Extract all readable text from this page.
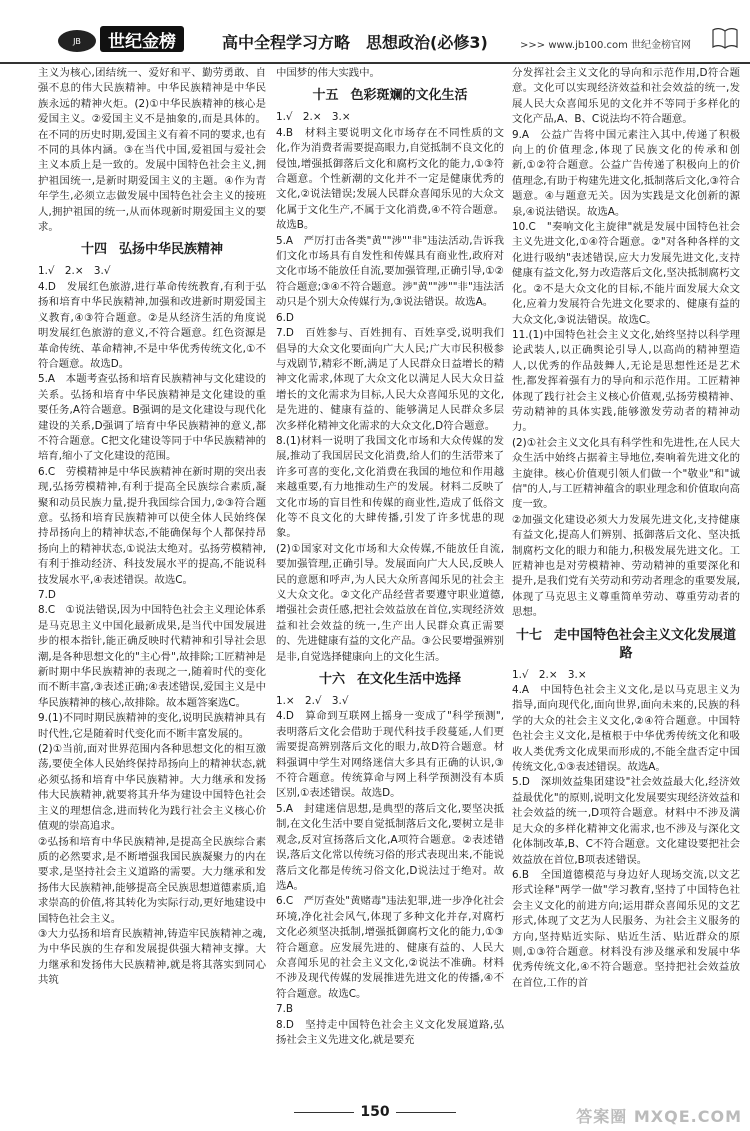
JB	世纪金榜	高中全程学习方略　思想政治(必修3)	>>> www.jb100.com 世纪金榜官网

主义为核心,团结统一、爱好和平、勤劳勇敢、自强不息的伟大民族精神。中华民族精神是中华民族永远的精神火炬。(2)①中华民族精神的核心是爱国主义。②爱国主义不是抽象的,而是具体的。在不同的历史时期,爱国主义有着不同的要求,也有不同的具体内涵。③在当代中国,爱祖国与爱社会主义本质上是一致的。发展中国特色社会主义,拥护祖国统一,是新时期爱国主义的主题。④作为青年学生,必须立志做发展中国特色社会主义的接班人,拥护祖国的统一,从而体现新时期爱国主义的要求。

十四 弘扬中华民族精神

1.√　2.×　3.√
4.D　发展红色旅游,进行革命传统教育,有利于弘扬和培育中华民族精神,加强和改进新时期爱国主义教育,④③符合题意。②是从经济生活的角度说明发展红色旅游的意义,不符合题意。红色资源是革命传统、革命精神,不是中华优秀传统文化,①不符合题意。故选D。
5.A　本题考查弘扬和培育民族精神与文化建设的关系。弘扬和培育中华民族精神是文化建设的重要任务,A符合题意。B强调的是文化建设与现代化建设的关系,D强调了培育中华民族精神的意义,都不符合题意。C把文化建设等同于中华民族精神的培育,缩小了文化建设的范围。
6.C　劳模精神是中华民族精神在新时期的突出表现,弘扬劳模精神,有利于提高全民族综合素质,凝聚和动员民族力量,提升我国综合国力,②③符合题意。弘扬和培育民族精神可以使全体人民始终保持昂扬向上的精神状态,不能确保每个人都保持昂扬向上的精神状态,①说法太绝对。弘扬劳模精神,有利于推动经济、科技发展水平的提高,不能说科技发展水平,④表述错误。故选C。
7.D
8.C　①说法错误,因为中国特色社会主义理论体系是马克思主义中国化最新成果,是当代中国发展进步的根本指针,能正确反映时代精神和引导社会思潮,是各种思想文化的"主心骨",故排除;工匠精神是新时期中华民族精神的表现之一,随着时代的变化而不断丰富,③表述正确;④表述错误,爱国主义是中华民族精神的核心,故排除。故本题答案选C。
9.(1)不同时期民族精神的变化,说明民族精神具有时代性,它是随着时代变化而不断丰富发展的。
(2)①当前,面对世界范围内各种思想文化的相互激荡,要使全体人民始终保持昂扬向上的精神状态,就必须弘扬和培育中华民族精神。大力继承和发扬伟大民族精神,就要将其升华为建设中国特色社会主义的理想信念,进而转化为践行社会主义核心价值观的崇高追求。
②弘扬和培育中华民族精神,是提高全民族综合素质的必然要求,是不断增强我国民族凝聚力的内在要求,是坚持社会主义道路的需要。大力继承和发扬伟大民族精神,能够提高全民族思想道德素质,追求崇高的价值,将其转化为实际行动,更好地建设中国特色社会主义。
③大力弘扬和培育民族精神,铸造牢民族精神之魂,为中华民族的生存和发展提供强大精神支撑。大力继承和发扬伟大民族精神,就是将其落实到同心共筑

中国梦的伟大实践中。

十五 色彩斑斓的文化生活

1.√　2.×　3.×
4.B　材料主要说明文化市场存在不同性质的文化,作为消费者需要提高眼力,自觉抵制不良文化的侵蚀,增强抵御落后文化和腐朽文化的能力,①③符合题意。个性新潮的文化并不一定是健康优秀的文化,②说法错误;发展人民群众喜闻乐见的大众文化属于文化生产,不属于文化消费,④不符合题意。故选B。
5.A　严厉打击各类"黄""涉""非"违法活动,告诉我们文化市场具有自发性和传媒具有商业性,政府对文化市场不能放任自流,要加强管理,正确引导,①②符合题意;③④不符合题意。涉"黄""涉""非"违法活动只是个别大众传媒行为,③说法错误。故选A。
6.D
7.D　百姓参与、百姓拥有、百姓享受,说明我们倡导的大众文化要面向广大人民;广大市民积极参与戏剧节,精彩不断,满足了人民群众日益增长的精神文化需求,体现了大众文化以满足人民大众日益增长的文化需求为目标,人民大众喜闻乐见的文化,是先进的、健康有益的、能够满足人民群众多层次多样化精神文化需求的大众文化,D符合题意。
8.(1)材料一说明了我国文化市场和大众传媒的发展,推动了我国居民文化消费,给人们的生活带来了许多可喜的变化,文化消费在我国的地位和作用越来越重要,有力地推动生产的发展。材料二反映了文化市场的盲目性和传媒的商业性,造成了低俗文化等不良文化的大肆传播,引发了许多忧患的现象。
(2)①国家对文化市场和大众传媒,不能放任自流,要加强管理,正确引导。发展面向广大人民,反映人民的意愿和呼声,为人民大众所喜闻乐见的社会主义大众文化。②文化产品经营者要遵守职业道德,增强社会责任感,把社会效益放在首位,实现经济效益和社会效益的统一,生产出人民群众真正需要的、先进健康有益的文化产品。③公民要增强辨别是非,自觉选择健康向上的文化生活。

十六 在文化生活中选择

1.×　2.√　3.√
4.D　算命到互联网上摇身一变成了"科学预测",表明落后文化会借助于现代科技手段蔓延,人们更需要提高辨别落后文化的眼力,故D符合题意。材料强调中学生对网络迷信大多具有正确的认识,③不符合题意。传统算命与网上科学预测没有本质区别,①表述错误。故选D。
5.A　封建迷信思想,是典型的落后文化,要坚决抵制,在文化生活中要自觉抵制落后文化,要树立是非观念,反对宣扬落后文化,A项符合题意。②表述错误,落后文化常以传统习俗的形式表现出来,不能说落后文化都是传统习俗文化,D说法过于绝对。故选A。
6.C　严厉查处"黄赌毒"违法犯罪,进一步净化社会环境,净化社会风气,体现了多种文化并存,对腐朽文化必须坚决抵制,增强抵御腐朽文化的能力,①③符合题意。应发展先进的、健康有益的、人民大众喜闻乐见的社会主义文化,②说法不准确。材料不涉及现代传媒的发展推进先进文化的传播,④不符合题意。故选C。
7.B
8.D　坚持走中国特色社会主义文化发展道路,弘扬社会主义先进文化,就是要充

分发挥社会主义文化的导向和示范作用,D符合题意。文化可以实现经济效益和社会效益的统一,发展人民大众喜闻乐见的文化并不等同于多样化的文化产品,A、B、C说法均不符合题意。
9.A　公益广告将中国元素注入其中,传递了积极向上的价值理念,体现了民族文化的传承和创新,①②符合题意。公益广告传递了积极向上的价值理念,有助于构建先进文化,抵制落后文化,③符合题意。④与题意无关。因为实践是文化创新的源泉,④说法错误。故选A。
10.C　"奏响文化主旋律"就是发展中国特色社会主义先进文化,①④符合题意。②"对各种各样的文化进行吸纳"表述错误,应大力发展先进文化,支持健康有益文化,努力改造落后文化,坚决抵制腐朽文化。②不是大众文化的目标,不能片面发展大众文化,应着力发展符合先进文化要求的、健康有益的大众文化,③说法错误。故选C。
11.(1)中国特色社会主义文化,始终坚持以科学理论武装人,以正确舆论引导人,以高尚的精神塑造人,以优秀的作品鼓舞人,无论是思想性还是艺术性,都发挥着强有力的导向和示范作用。工匠精神体现了践行社会主义核心价值观,弘扬劳模精神、劳动精神的具体实践,能够激发劳动者的精神动力。
(2)①社会主义文化具有科学性和先进性,在人民大众生活中始终占据着主导地位,奏响着先进文化的主旋律。核心价值观引领人们做一个"敬业"和"诚信"的人,与工匠精神蕴含的职业理念和价值取向高度一致。
②加强文化建设必须大力发展先进文化,支持健康有益文化,提高人们辨别、抵御落后文化、坚决抵制腐朽文化的眼力和能力,积极发展先进文化。工匠精神也是对劳模精神、劳动精神的重要深化和提升,是我们党有关劳动和劳动者理念的重要发展,体现了马克思主义尊重简单劳动、尊重劳动者的思想。

十七 走中国特色社会主义文化发展道路

1.√　2.×　3.×
4.A　中国特色社会主义文化,是以马克思主义为指导,面向现代化,面向世界,面向未来的,民族的科学的大众的社会主义文化,②④符合题意。中国特色社会主义文化,是植根于中华优秀传统文化和吸收人类优秀文化成果而形成的,不能全盘否定中国传统文化,①③表述错误。故选A。
5.D　深圳效益集团建设"社会效益最大化,经济效益最优化"的原则,说明文化发展要实现经济效益和社会效益的统一,D项符合题意。材料中不涉及满足大众的多样化精神文化需求,也不涉及与深化文化体制改革,B、C不符合题意。文化建设要把社会效益放在首位,B项表述错误。
6.B　全国道德模范与身边好人现场交流,以文艺形式诠释"两学一做"学习教育,坚持了中国特色社会主义文化的前进方向;运用群众喜闻乐见的文艺形式,体现了文艺为人民服务、为社会主义服务的方向,坚持贴近实际、贴近生活、贴近群众的原则,①③符合题意。材料没有涉及继承和发展中华优秀传统文化,④不符合题意。坚持把社会效益放在首位,工作的首

150	答案圈 MXQE.COM
